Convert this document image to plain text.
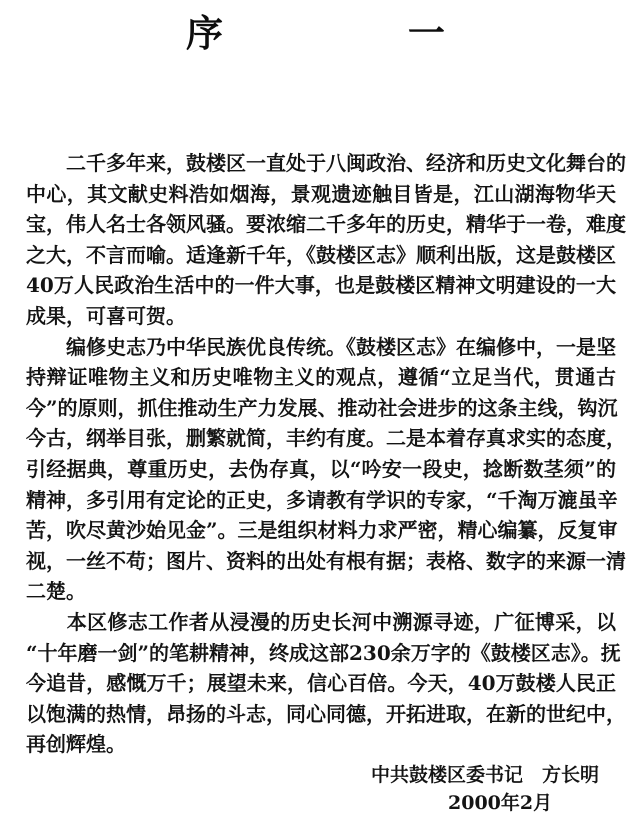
序 一
　　二千多年来，鼓楼区一直处于八闽政治、经济和历史文化舞台的
中心，其文献史料浩如烟海，景观遗迹触目皆是，江山湖海物华天
宝，伟人名士各领风骚。要浓缩二千多年的历史，精华于一卷，难度
之大，不言而喻。适逢新千年，《鼓楼区志》顺利出版，这是鼓楼区
40万人民政治生活中的一件大事，也是鼓楼区精神文明建设的一大
成果，可喜可贺。
　　编修史志乃中华民族优良传统。《鼓楼区志》在编修中，一是坚
持辩证唯物主义和历史唯物主义的观点，遵循“立足当代，贯通古
今”的原则，抓住推动生产力发展、推动社会进步的这条主线，钩沉
今古，纲举目张，删繁就简，丰约有度。二是本着存真求实的态度，
引经据典，尊重历史，去伪存真，以“吟安一段史，捻断数茎须”的
精神，多引用有定论的正史，多请教有学识的专家，“千淘万漉虽辛
苦，吹尽黄沙始见金”。三是组织材料力求严密，精心编纂，反复审
视，一丝不苟；图片、资料的出处有根有据；表格、数字的来源一清
二楚。
　　本区修志工作者从浸漫的历史长河中溯源寻迹，广征博采，以
“十年磨一剑”的笔耕精神，终成这部230余万字的《鼓楼区志》。抚
今追昔，感慨万千；展望未来，信心百倍。今天，40万鼓楼人民正
以饱满的热情，昂扬的斗志，同心同德，开拓进取，在新的世纪中，
再创辉煌。
中共鼓楼区委书记　方长明
2000年2月
